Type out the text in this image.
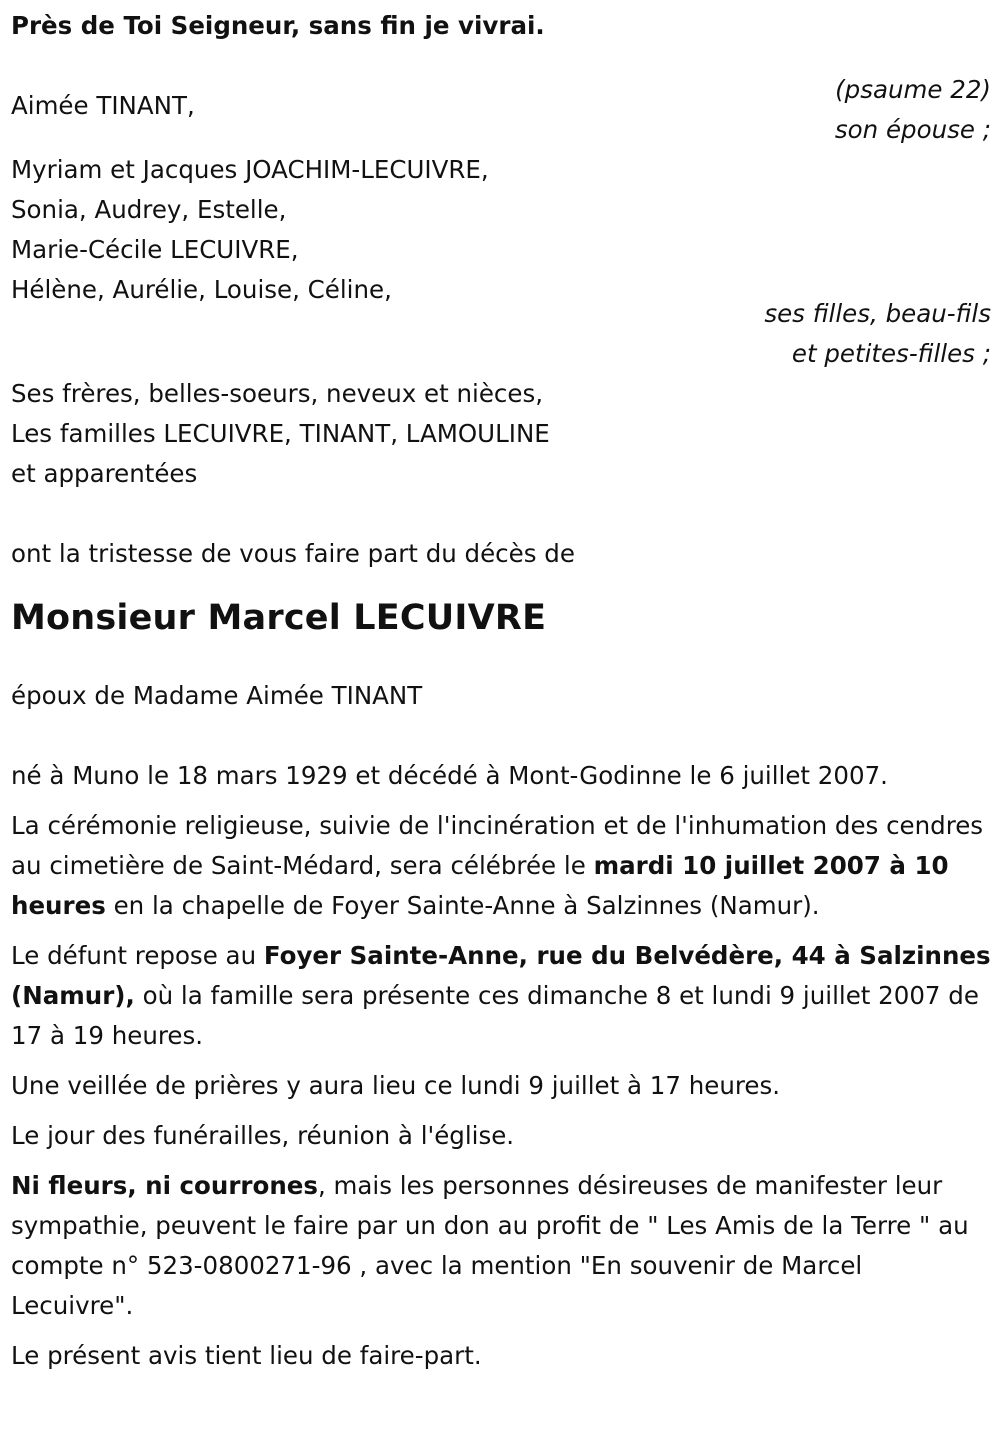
Près de Toi Seigneur, sans fin je vivrai.
(psaume 22)
Aimée TINANT,
son épouse ;
Myriam et Jacques JOACHIM-LECUIVRE,
Sonia, Audrey, Estelle,
Marie-Cécile LECUIVRE,
Hélène, Aurélie, Louise, Céline,
ses filles, beau-fils
et petites-filles ;
Ses frères, belles-soeurs, neveux et nièces,
Les familles LECUIVRE, TINANT, LAMOULINE
et apparentées
ont la tristesse de vous faire part du décès de
Monsieur Marcel LECUIVRE
époux de Madame Aimée TINANT

né à Muno le 18 mars 1929 et décédé à Mont-Godinne le 6 juillet 2007.

La cérémonie religieuse, suivie de l'incinération et de l'inhumation des cendres au cimetière de Saint-Médard, sera célébrée le mardi 10 juillet 2007 à 10 heures en la chapelle de Foyer Sainte-Anne à Salzinnes (Namur).

Le défunt repose au Foyer Sainte-Anne, rue du Belvédère, 44 à Salzinnes (Namur), où la famille sera présente ces dimanche 8 et lundi 9 juillet 2007 de 17 à 19 heures.

Une veillée de prières y aura lieu ce lundi 9 juillet à 17 heures.

Le jour des funérailles, réunion à l'église.

Ni fleurs, ni courrones, mais les personnes désireuses de manifester leur sympathie, peuvent le faire par un don au profit de " Les Amis de la Terre " au compte n° 523-0800271-96 , avec la mention "En souvenir de Marcel Lecuivre".

Le présent avis tient lieu de faire-part.
